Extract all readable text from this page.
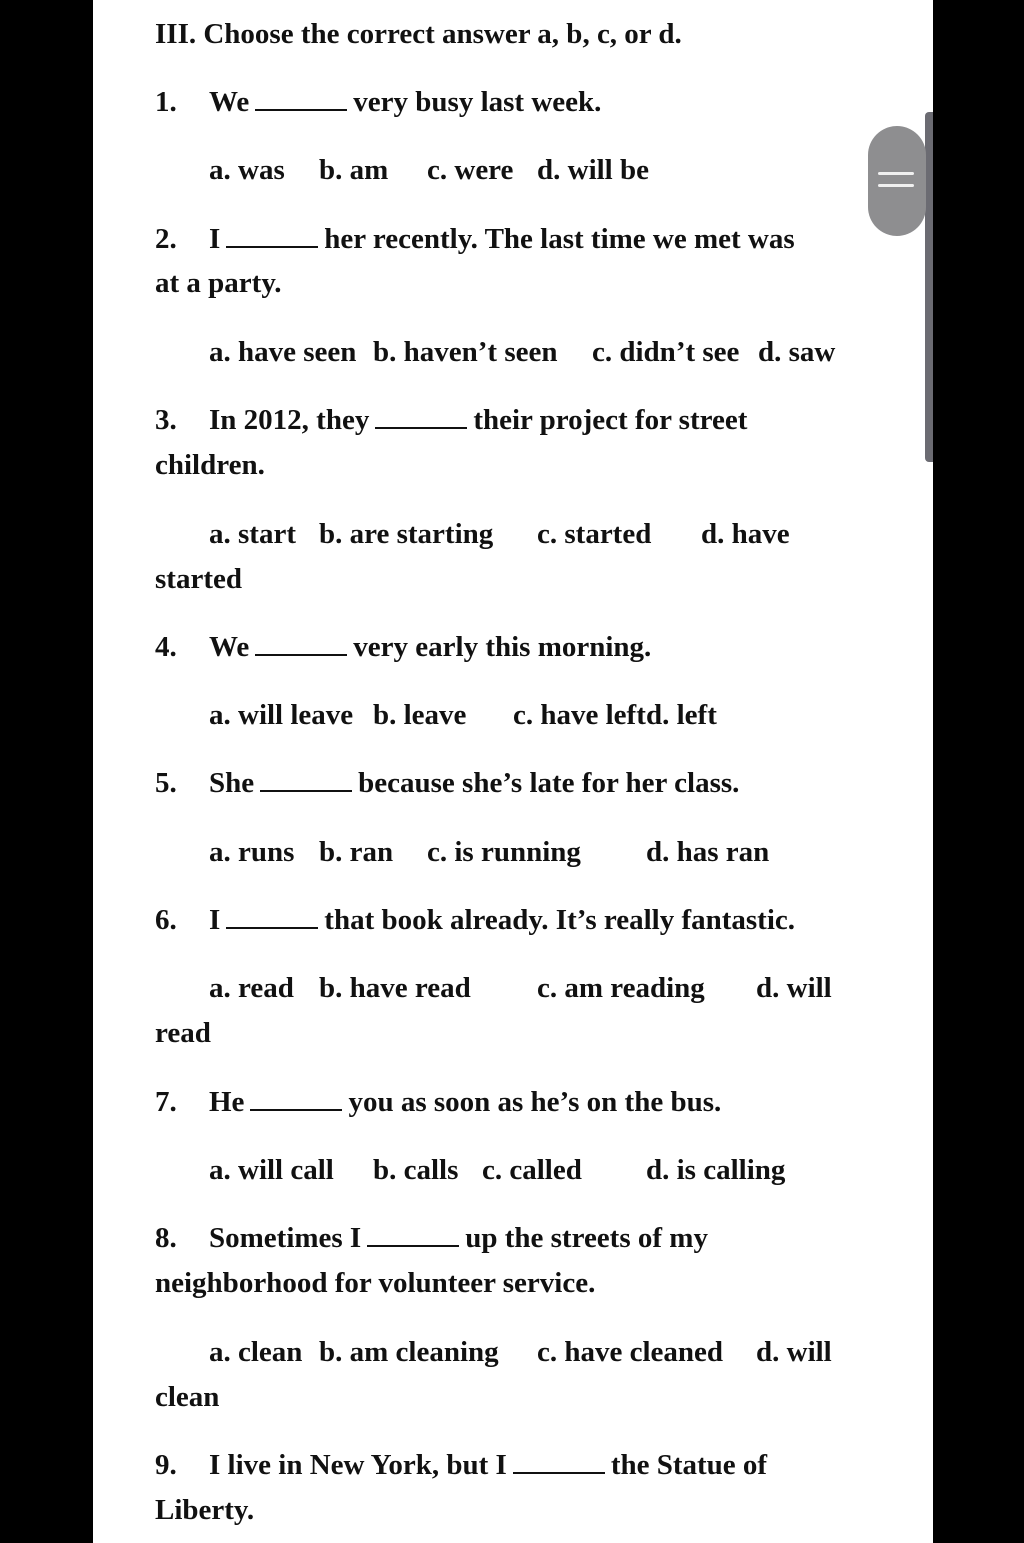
III. Choose the correct answer a, b, c, or d.
1. We	very busy last week.
a. was b. am c. were d. will be
2. I	her recently. The last time we met was
at a party.
a. have seen b. haven’t seen c. didn’t see d. saw
3. In 2012, they	their project for street
children.
a. start b. are starting c. started d. have
started
4. We	very early this morning.
a. will leave b. leave c. have left d. left
5. She	because she’s late for her class.
a. runs b. ran c. is running d. has ran
6. I	that book already. It’s really fantastic.
a. read b. have read c. am reading d. will
read
7. He	you as soon as he’s on the bus.
a. will call b. calls c. called d. is calling
8. Sometimes I	up the streets of my
neighborhood for volunteer service.
a. clean b. am cleaning c. have cleaned d. will
clean
9. I live in New York, but I	the Statue of
Liberty.
